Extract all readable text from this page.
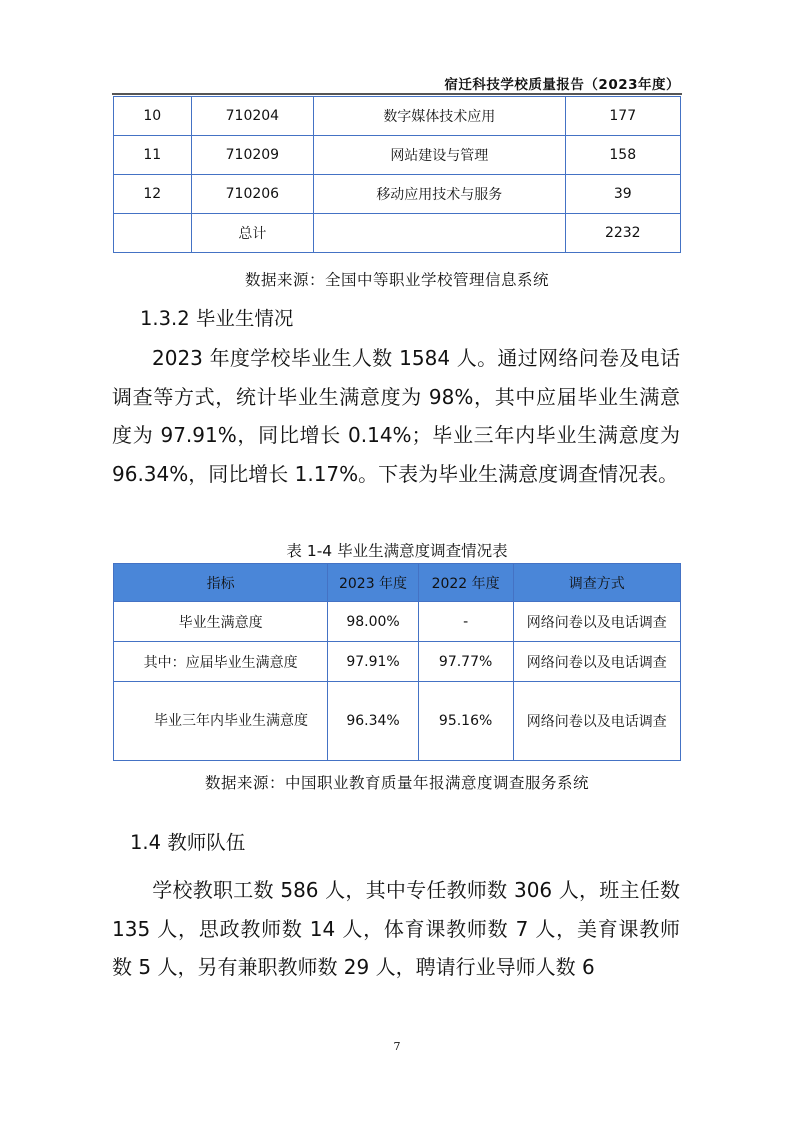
宿迁科技学校质量报告（2023年度）
10	710204	数字媒体技术应用	177
11	710209	网站建设与管理	158
12	710206	移动应用技术与服务	39
	总计		2232
数据来源：全国中等职业学校管理信息系统
1.3.2 毕业生情况
2023 年度学校毕业生人数 1584 人。通过网络问卷及电话调查等方式，统计毕业生满意度为 98%，其中应届毕业生满意度为 97.91%，同比增长 0.14%；毕业三年内毕业生满意度为 96.34%，同比增长 1.17%。下表为毕业生满意度调查情况表。
表 1-4 毕业生满意度调查情况表
指标	2023 年度	2022 年度	调查方式
毕业生满意度	98.00%	-	网络问卷以及电话调查
其中：应届毕业生满意度	97.91%	97.77%	网络问卷以及电话调查
毕业三年内毕业生满意度	96.34%	95.16%	网络问卷以及电话调查
数据来源：中国职业教育质量年报满意度调查服务系统
1.4 教师队伍
学校教职工数 586 人，其中专任教师数 306 人，班主任数 135 人，思政教师数 14 人，体育课教师数 7 人，美育课教师数 5 人，另有兼职教师数 29 人，聘请行业导师人数 6
7
